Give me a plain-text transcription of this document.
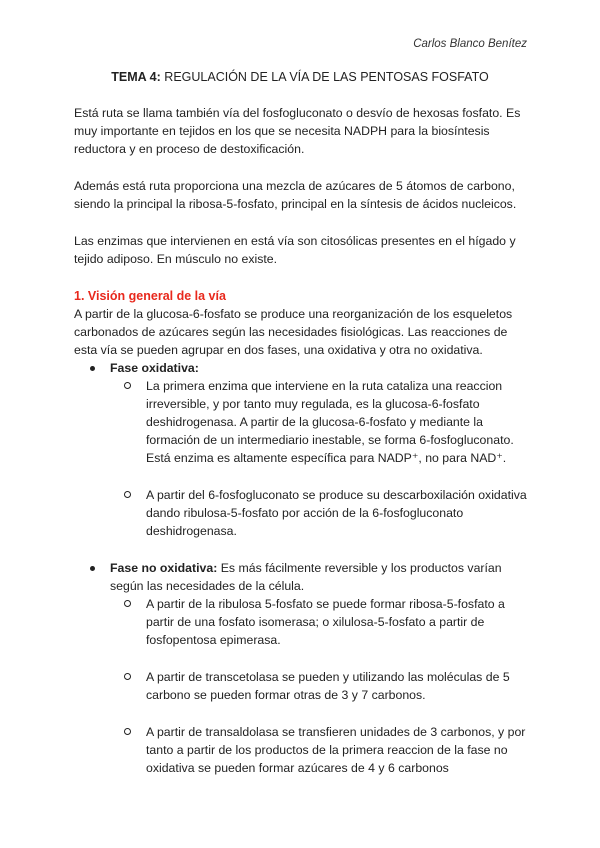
Carlos Blanco Benítez
TEMA 4: REGULACIÓN DE LA VÍA DE LAS PENTOSAS FOSFATO

Está ruta se llama también vía del fosfogluconato o desvío de hexosas fosfato. Es muy importante en tejidos en los que se necesita NADPH para la biosíntesis reductora y en proceso de destoxificación.

Además está ruta proporciona una mezcla de azúcares de 5 átomos de carbono, siendo la principal la ribosa-5-fosfato, principal en la síntesis de ácidos nucleicos.

Las enzimas que intervienen en está vía son citosólicas presentes en el hígado y tejido adiposo. En músculo no existe.

1. Visión general de la vía

A partir de la glucosa-6-fosfato se produce una reorganización de los esqueletos carbonados de azúcares según las necesidades fisiológicas. Las reacciones de esta vía se pueden agrupar en dos fases, una oxidativa y otra no oxidativa.

Fase oxidativa:
La primera enzima que interviene en la ruta cataliza una reaccion irreversible, y por tanto muy regulada, es la glucosa-6-fosfato deshidrogenasa. A partir de la glucosa-6-fosfato y mediante la formación de un intermediario inestable, se forma 6-fosfogluconato. Está enzima es altamente específica para NADP⁺, no para NAD⁺.
A partir del 6-fosfogluconato se produce su descarboxilación oxidativa dando ribulosa-5-fosfato por acción de la 6-fosfogluconato deshidrogenasa.
Fase no oxidativa: Es más fácilmente reversible y los productos varían según las necesidades de la célula.
A partir de la ribulosa 5-fosfato se puede formar ribosa-5-fosfato a partir de una fosfato isomerasa; o xilulosa-5-fosfato a partir de fosfopentosa epimerasa.
A partir de transcetolasa se pueden y utilizando las moléculas de 5 carbono se pueden formar otras de 3 y 7 carbonos.
A partir de transaldolasa se transfieren unidades de 3 carbonos, y por tanto a partir de los productos de la primera reaccion de la fase no oxidativa se pueden formar azúcares de 4 y 6 carbonos
